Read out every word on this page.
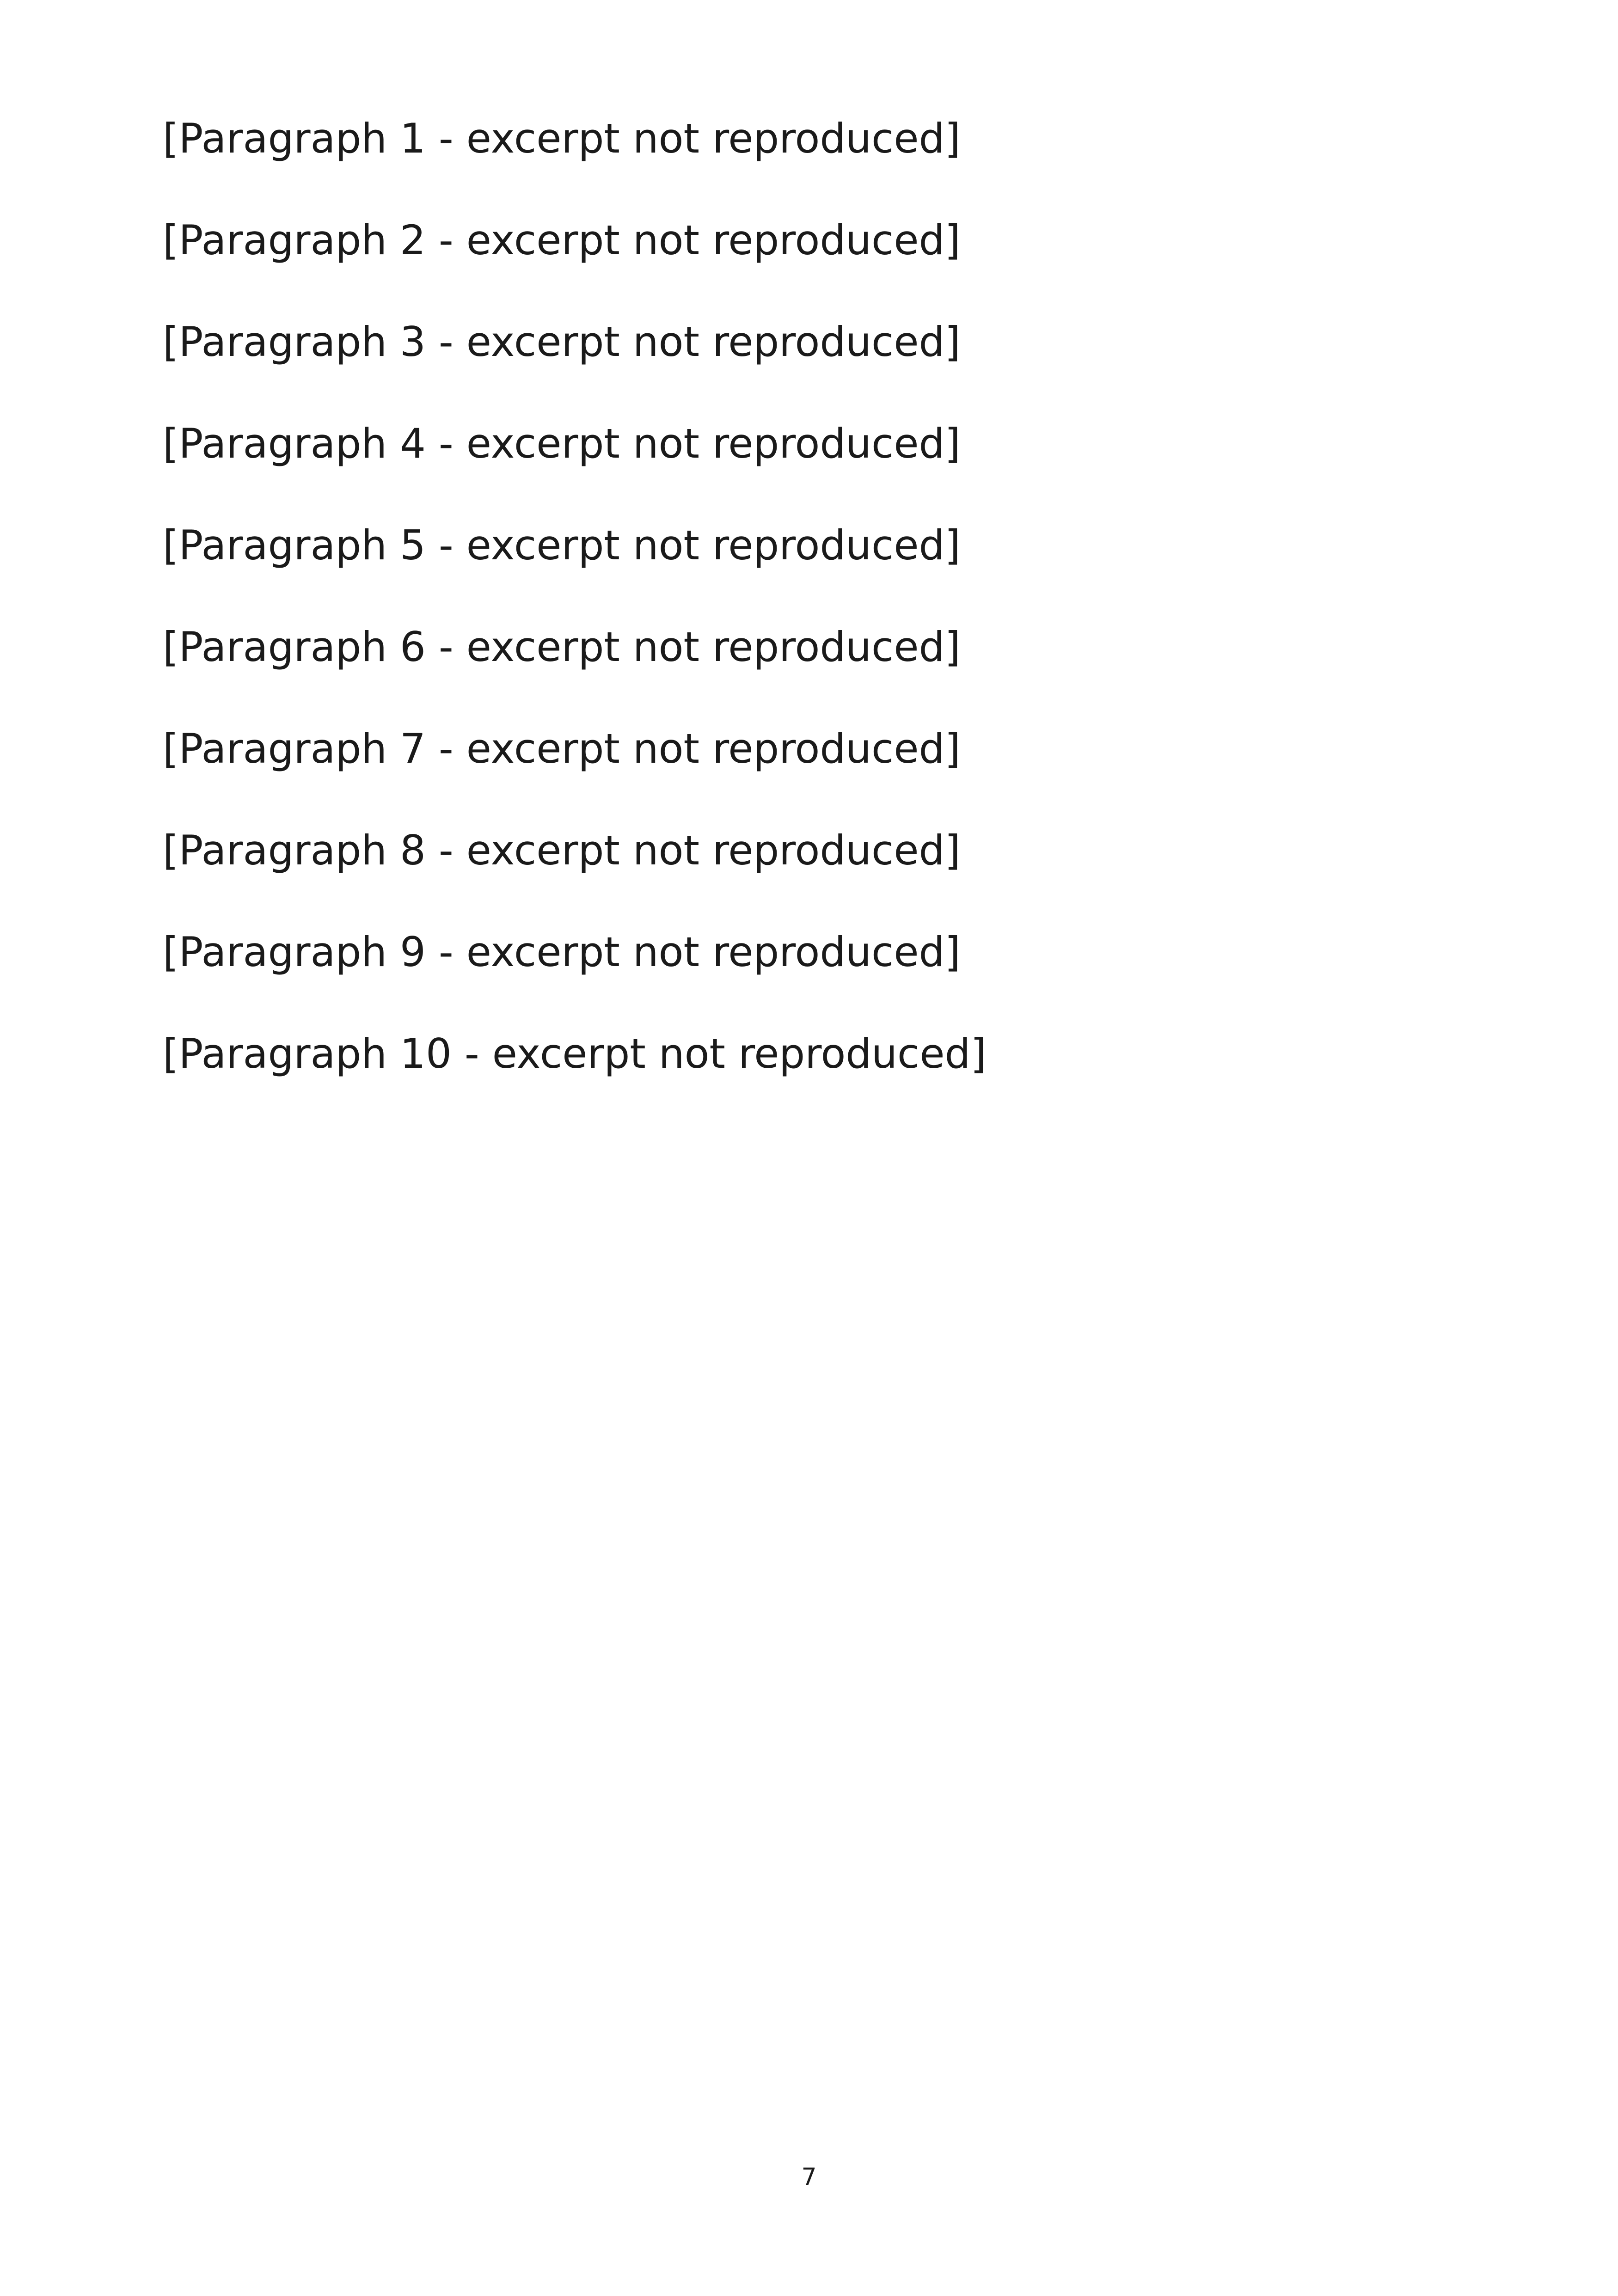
[Paragraph 1 - excerpt not reproduced]

[Paragraph 2 - excerpt not reproduced]

[Paragraph 3 - excerpt not reproduced]

[Paragraph 4 - excerpt not reproduced]

[Paragraph 5 - excerpt not reproduced]

[Paragraph 6 - excerpt not reproduced]

[Paragraph 7 - excerpt not reproduced]

[Paragraph 8 - excerpt not reproduced]

[Paragraph 9 - excerpt not reproduced]

[Paragraph 10 - excerpt not reproduced]

7
